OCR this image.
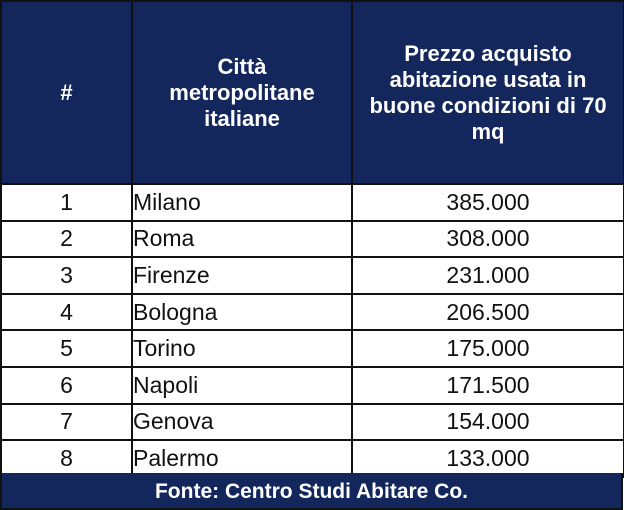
#	Città metropolitane italiane	Prezzo acquisto abitazione usata in buone condizioni di 70 mq
1	Milano	385.000
2	Roma	308.000
3	Firenze	231.000
4	Bologna	206.500
5	Torino	175.000
6	Napoli	171.500
7	Genova	154.000
8	Palermo	133.000
Fonte: Centro Studi Abitare Co.
